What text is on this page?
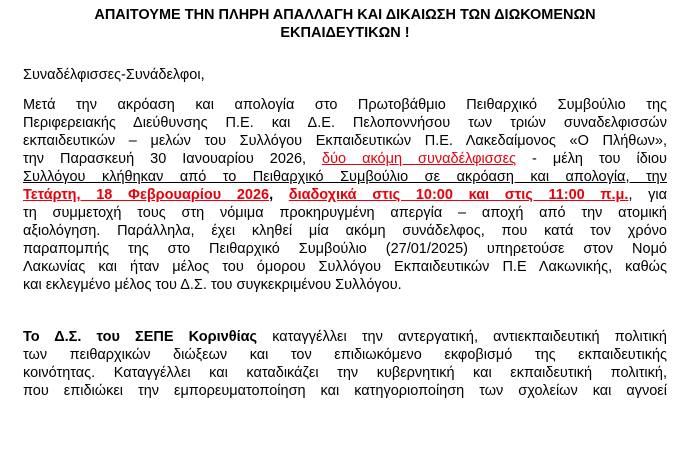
ΑΠΑΙΤΟΥΜΕ ΤΗΝ ΠΛΗΡΗ ΑΠΑΛΛΑΓΗ ΚΑΙ ΔΙΚΑΙΩΣΗ ΤΩΝ ΔΙΩΚΟΜΕΝΩΝ
ΕΚΠΑΙΔΕΥΤΙΚΩΝ !
Συναδέλφισσες-Συνάδελφοι,
Μετά την ακρόαση και απολογία στο Πρωτοβάθμιο Πειθαρχικό Συμβούλιο της
Περιφερειακής Διεύθυνσης Π.Ε. και Δ.Ε. Πελοποννήσου των τριών συναδελφισσών
εκπαιδευτικών – μελών του Συλλόγου Εκπαιδευτικών Π.Ε. Λακεδαίμονος «Ο Πλήθων»,
την Παρασκευή 30 Ιανουαρίου 2026, δύο ακόμη συναδέλφισσες - μέλη του ίδιου
Συλλόγου κλήθηκαν από το Πειθαρχικό Συμβούλιο σε ακρόαση και απολογία, την
Τετάρτη, 18 Φεβρουαρίου 2026, διαδοχικά στις 10:00 και στις 11:00 π.μ., για
τη συμμετοχή τους στη νόμιμα προκηρυγμένη απεργία – αποχή από την ατομική
αξιολόγηση. Παράλληλα, έχει κληθεί μία ακόμη συνάδελφος, που κατά τον χρόνο
παραπομπής της στο Πειθαρχικό Συμβούλιο (27/01/2025) υπηρετούσε στον Νομό
Λακωνίας και ήταν μέλος του όμορου Συλλόγου Εκπαιδευτικών Π.Ε Λακωνικής, καθώς
και εκλεγμένο μέλος του Δ.Σ. του συγκεκριμένου Συλλόγου.
Το Δ.Σ. του ΣΕΠΕ Κορινθίας καταγγέλλει την αντεργατική, αντιεκπαιδευτική πολιτική
των πειθαρχικών διώξεων και τον επιδιωκόμενο εκφοβισμό της εκπαιδευτικής
κοινότητας. Καταγγέλλει και καταδικάζει την κυβερνητική και εκπαιδευτική πολιτική,
που επιδιώκει την εμπορευματοποίηση και κατηγοριοποίηση των σχολείων και αγνοεί
